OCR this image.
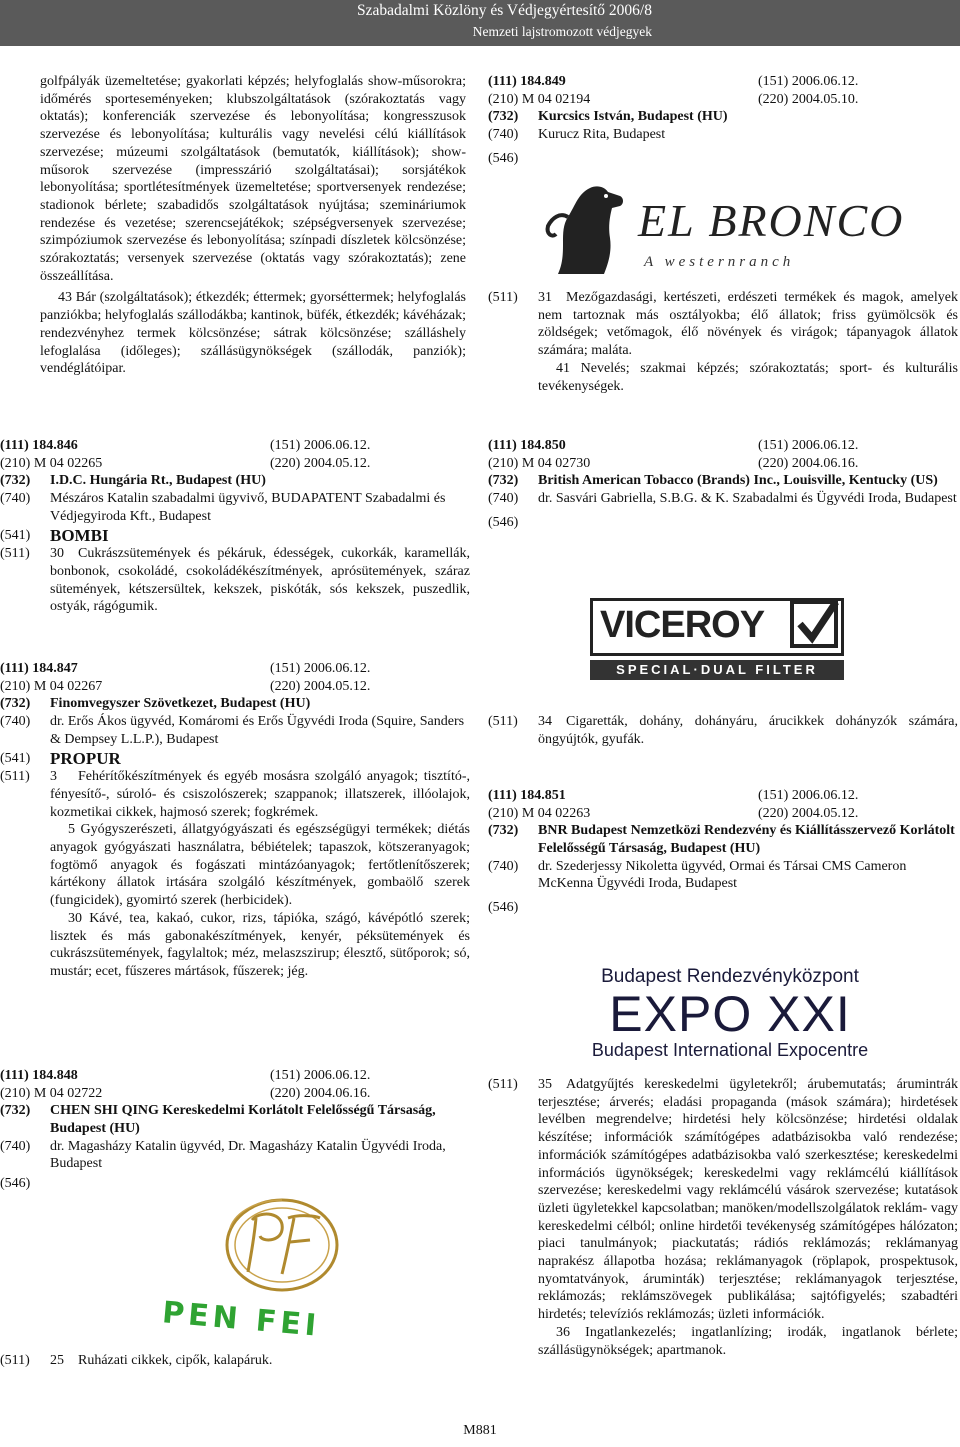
Szabadalmi Közlöny és Védjegyértesítő 2006/8
Nemzeti lajstromozott védjegyek

golfpályák üzemeltetése; gyakorlati képzés; helyfoglalás show-műsorokra; időmérés sporteseményeken; klubszolgáltatások (szórakoztatás vagy oktatás); konferenciák szervezése és lebonyolítása; kongresszusok szervezése és lebonyolítása; kulturális vagy nevelési célú kiállítások szervezése; múzeumi szolgáltatások (bemutatók, kiállítások); show-műsorok szervezése (impresszárió szolgáltatásai); sorsjátékok lebonyolítása; sportlétesítmények üzemeltetése; sportversenyek rendezése; stadionok bérlete; szabadidős szolgáltatások nyújtása; szemináriumok rendezése és vezetése; szerencsejátékok; szépségversenyek szervezése; szimpóziumok szervezése és lebonyolítása; színpadi díszletek kölcsönzése; szórakoztatás; versenyek szervezése (oktatás vagy szórakoztatás); zene összeállítása.

43 Bár (szolgáltatások); étkezdék; éttermek; gyorséttermek; helyfoglalás panziókba; helyfoglalás szállodákba; kantinok, büfék, étkezdék; kávéházak; rendezvényhez termek kölcsönzése; sátrak kölcsönzése; szálláshely lefoglalása (időleges); szállásügynökségek (szállodák, panziók); vendéglátóipar.

(111) 184.846	(151) 2006.06.12.
(210) M 04 02265	(220) 2004.05.12.
(732)	I.D.C. Hungária Rt., Budapest (HU)
(740)	Mészáros Katalin szabadalmi ügyvivő, BUDAPATENT Szabadalmi és Védjegyiroda Kft., Budapest
(541)	BOMBI
(511)	30 Cukrászsütemények és pékáruk, édességek, cukorkák, karamellák, bonbonok, csokoládé, csokoládékészítmények, aprósütemények, száraz sütemények, kétszersültek, kekszek, piskóták, sós kekszek, puszedlik, ostyák, rágógumik.
(111) 184.847	(151) 2006.06.12.
(210) M 04 02267	(220) 2004.05.12.
(732)	Finomvegyszer Szövetkezet, Budapest (HU)
(740)	dr. Erős Ákos ügyvéd, Komáromi és Erős Ügyvédi Iroda (Squire, Sanders & Dempsey L.L.P.), Budapest
(541)	PROPUR
(511)	3 Fehérítőkészítmények és egyéb mosásra szolgáló anyagok; tisztító-, fényesítő-, súroló- és csiszolószerek; szappanok; illatszerek, illóolajok, kozmetikai cikkek, hajmosó szerek; fogkrémek.
5 Gyógyszerészeti, állatgyógyászati és egészségügyi termékek; diétás anyagok gyógyászati használatra, bébiételek; tapaszok, kötszeranyagok; fogtömő anyagok és fogászati mintázóanyagok; fertőtlenítőszerek; kártékony állatok irtására szolgáló készítmények, gombaölő szerek (fungicidek), gyomirtó szerek (herbicidek).
30 Kávé, tea, kakaó, cukor, rizs, tápióka, szágó, kávépótló szerek; lisztek és más gabonakészítmények, kenyér, péksütemények és cukrászsütemények, fagylaltok; méz, melaszszirup; élesztő, sütőporok; só, mustár; ecet, fűszeres mártások, fűszerek; jég.
(111) 184.848	(151) 2006.06.12.
(210) M 04 02722	(220) 2004.06.16.
(732)	CHEN SHI QING Kereskedelmi Korlátolt Felelősségű Társaság, Budapest (HU)
(740)	dr. Magasházy Katalin ügyvéd, Dr. Magasházy Katalin Ügyvédi Iroda, Budapest
(546)
PEN FEI
(511)	25 Ruházati cikkek, cipők, kalapáruk.
(111) 184.849	(151) 2006.06.12.
(210) M 04 02194	(220) 2004.05.10.
(732)	Kurcsics István, Budapest (HU)
(740)	Kurucz Rita, Budapest
(546)
EL BRONCO
A westernranch
(511)	31 Mezőgazdasági, kertészeti, erdészeti termékek és magok, amelyek nem tartoznak más osztályokba; élő állatok; friss gyümölcsök és zöldségek; vetőmagok, élő növények és virágok; tápanyagok állatok számára; maláta.
41 Nevelés; szakmai képzés; szórakoztatás; sport- és kulturális tevékenységek.
(111) 184.850	(151) 2006.06.12.
(210) M 04 02730	(220) 2004.06.16.
(732)	British American Tobacco (Brands) Inc., Louisville, Kentucky (US)
(740)	dr. Sasvári Gabriella, S.B.G. & K. Szabadalmi és Ügyvédi Iroda, Budapest
(546)
VICEROY
SPECIAL·DUAL FILTER
(511)	34 Cigaretták, dohány, dohányáru, árucikkek dohányzók számára, öngyújtók, gyufák.
(111) 184.851	(151) 2006.06.12.
(210) M 04 02263	(220) 2004.05.12.
(732)	BNR Budapest Nemzetközi Rendezvény és Kiállításszervező Korlátolt Felelősségű Társaság, Budapest (HU)
(740)	dr. Szederjessy Nikoletta ügyvéd, Ormai és Társai CMS Cameron McKenna Ügyvédi Iroda, Budapest
(546)
Budapest Rendezvényközpont
EXPO XXI
Budapest International Expocentre
(511)	35 Adatgyűjtés kereskedelmi ügyletekről; árubemutatás; árumintrák terjesztése; árverés; eladási propaganda (mások számára); hirdetések levélben megrendelve; hirdetési hely kölcsönzése; hirdetési oldalak készítése; információk számítógépes adatbázisokba való rendezése; információk számítógépes adatbázisokba való szerkesztése; kereskedelmi információs ügynökségek; kereskedelmi vagy reklámcélú kiállítások szervezése; kereskedelmi vagy reklámcélú vásárok szervezése; kutatások üzleti ügyletekkel kapcsolatban; manöken/modellszolgálatok reklám- vagy kereskedelmi célból; online hirdetői tevékenység számítógépes hálózaton; piaci tanulmányok; piackutatás; rádiós reklámozás; reklámanyag naprakész állapotba hozása; reklámanyagok (röplapok, prospektusok, nyomtatványok, áruminták) terjesztése; reklámanyagok terjesztése, reklámozás; reklámszövegek publikálása; sajtófigyelés; szabadtéri hirdetés; televíziós reklámozás; üzleti információk.
36 Ingatlankezelés; ingatlanlízing; irodák, ingatlanok bérlete; szállásügynökségek; apartmanok.
M881
